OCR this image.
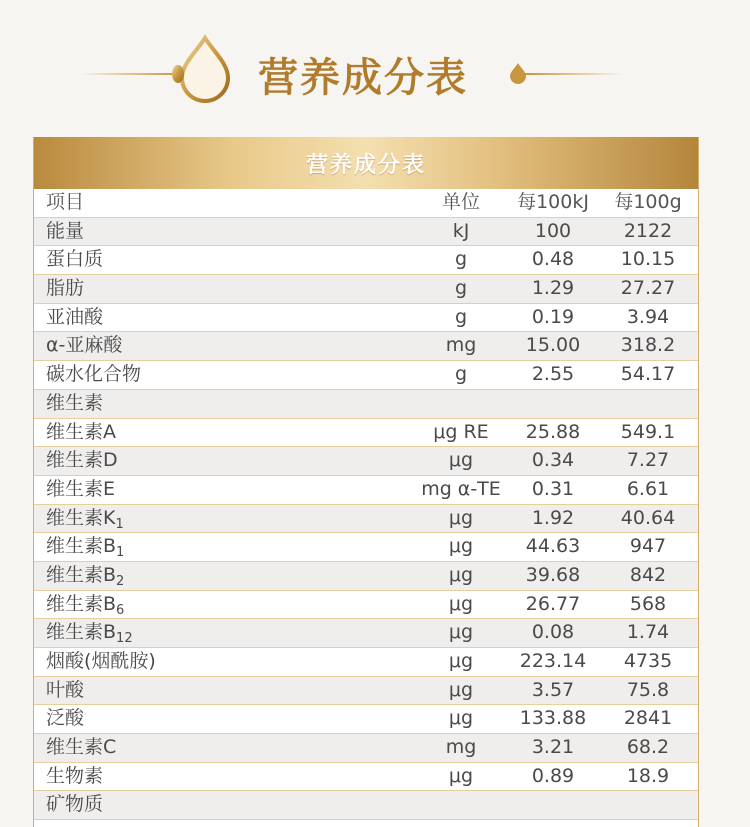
营养成分表
营养成分表
项目	单位	每100kJ	每100g
能量	kJ	100	2122
蛋白质	g	0.48	10.15
脂肪	g	1.29	27.27
亚油酸	g	0.19	3.94
α-亚麻酸	mg	15.00	318.2
碳水化合物	g	2.55	54.17
维生素
维生素A	μg RE	25.88	549.1
维生素D	μg	0.34	7.27
维生素E	mg α-TE	0.31	6.61
维生素$K_1$	μg	1.92	40.64
维生素$B_1$	μg	44.63	947
维生素$B_2$	μg	39.68	842
维生素$B_6$	μg	26.77	568
维生素$B_{12}$	μg	0.08	1.74
烟酸(烟酰胺)	μg	223.14	4735
叶酸	μg	3.57	75.8
泛酸	μg	133.88	2841
维生素C	mg	3.21	68.2
生物素	μg	0.89	18.9
矿物质
